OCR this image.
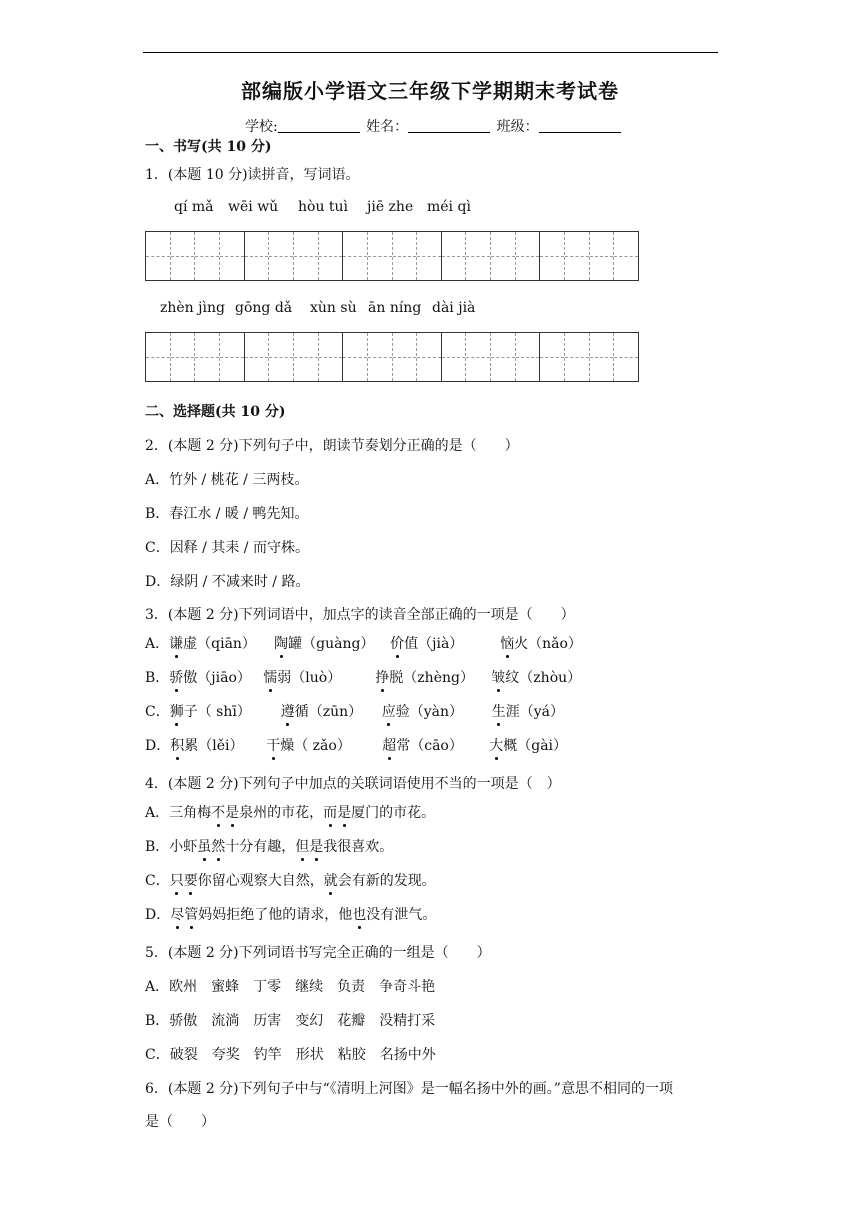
部编版小学语文三年级下学期期末考试卷
学校:	姓名：	班级：
一、书写(共 10 分)
1．(本题 10 分)读拼音，写词语。
qí mǎ wēi wǔ hòu tuì jiē zhe méi qì
zhèn jìng gōng dǎ xùn sù ān níng dài jià
二、选择题(共 10 分)
2．(本题 2 分)下列句子中，朗读节奏划分正确的是（　　）
A．竹外 / 桃花 / 三两枝。
B．春江水 / 暖 / 鸭先知。
C．因释 / 其耒 / 而守株。
D．绿阴 / 不减来时 / 路。
3．(本题 2 分)下列词语中，加点字的读音全部正确的一项是（　　）
A．谦虚（qiān） 陶罐（guàng） 价值（jià）	恼火（nǎo）
B．骄傲（jiāo） 懦弱（luò） 挣脱（zhèng） 皱纹（zhòu）
C．狮子（ shī） 遵循（zūn） 应验（yàn） 生涯（yá）
D．积累（lěi） 干燥（ zǎo） 超常（cāo） 大概（gài）
4．(本题 2 分)下列句子中加点的关联词语使用不当的一项是（　）
A．三角梅不是泉州的市花，而是厦门的市花。
B．小虾虽然十分有趣，但是我很喜欢。
C．只要你留心观察大自然，就会有新的发现。
D．尽管妈妈拒绝了他的请求，他也没有泄气。
5．(本题 2 分)下列词语书写完全正确的一组是（　　）
A．欧州　蜜蜂　丁零　继续　负责　争奇斗艳
B．骄傲　流淌　历害　变幻　花瓣　没精打采
C．破裂　夸奖　钓竿　形状　粘胶　名扬中外
6．(本题 2 分)下列句子中与“《清明上河图》是一幅名扬中外的画。”意思不相同的一项
是（　　）
